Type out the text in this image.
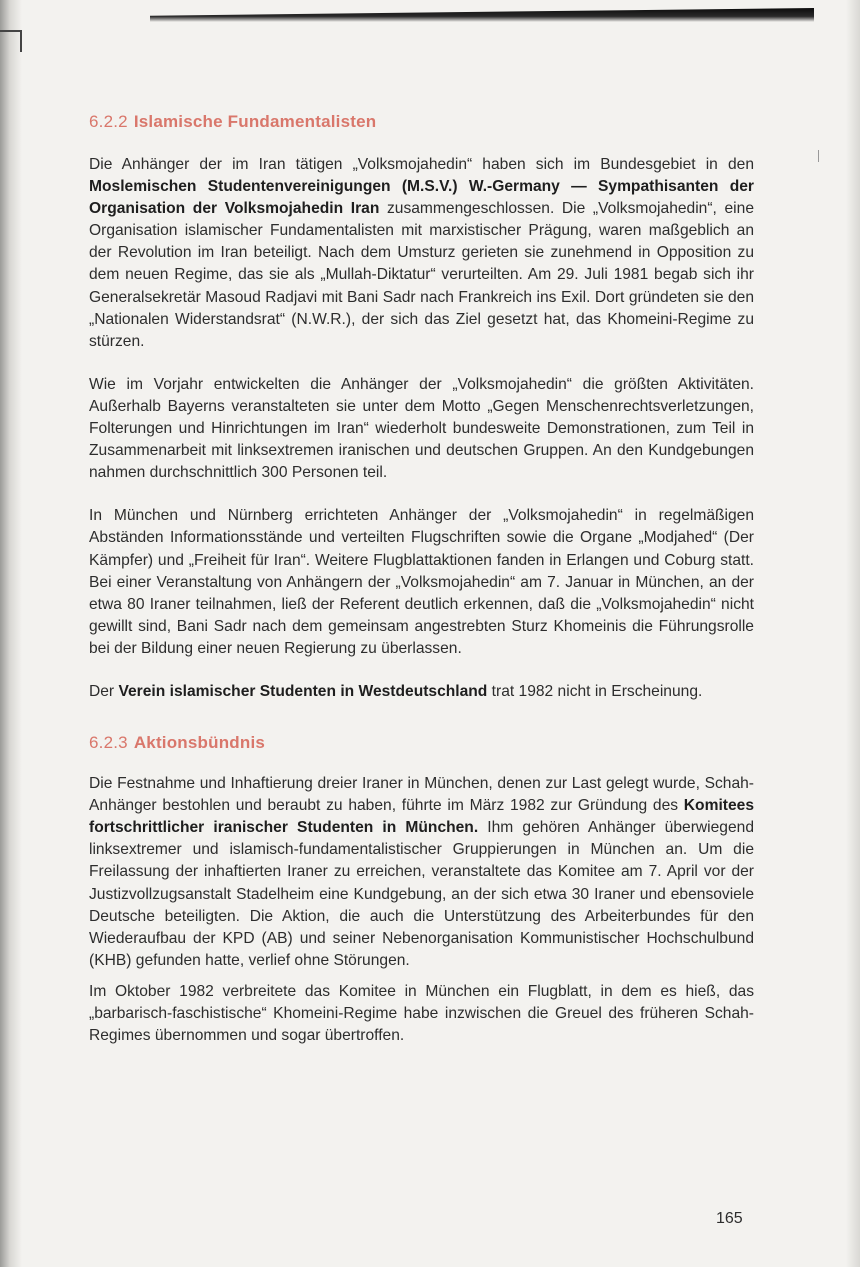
6.2.2 Islamische Fundamentalisten

Die Anhänger der im Iran tätigen „Volksmojahedin“ haben sich im Bundesgebiet in den Moslemischen Studentenvereinigungen (M.S.V.) W.-Germany — Sympathisanten der Organisation der Volksmojahedin Iran zusammengeschlossen. Die „Volksmojahedin“, eine Organisation islamischer Fundamentalisten mit marxistischer Prägung, waren maßgeblich an der Revolution im Iran beteiligt. Nach dem Umsturz gerieten sie zunehmend in Opposition zu dem neuen Regime, das sie als „Mullah-Diktatur“ verurteilten. Am 29. Juli 1981 begab sich ihr Generalsekretär Masoud Radjavi mit Bani Sadr nach Frankreich ins Exil. Dort gründeten sie den „Nationalen Widerstandsrat“ (N.W.R.), der sich das Ziel gesetzt hat, das Khomeini-Regime zu stürzen.

Wie im Vorjahr entwickelten die Anhänger der „Volksmojahedin“ die größten Aktivitäten. Außerhalb Bayerns veranstalteten sie unter dem Motto „Gegen Menschenrechtsverletzungen, Folterungen und Hinrichtungen im Iran“ wiederholt bundesweite Demonstrationen, zum Teil in Zusammenarbeit mit linksextremen iranischen und deutschen Gruppen. An den Kundgebungen nahmen durchschnittlich 300 Personen teil.

In München und Nürnberg errichteten Anhänger der „Volksmojahedin“ in regelmäßigen Abständen Informationsstände und verteilten Flugschriften sowie die Organe „Modjahed“ (Der Kämpfer) und „Freiheit für Iran“. Weitere Flugblattaktionen fanden in Erlangen und Coburg statt. Bei einer Veranstaltung von Anhängern der „Volksmojahedin“ am 7. Januar in München, an der etwa 80 Iraner teilnahmen, ließ der Referent deutlich erkennen, daß die „Volksmojahedin“ nicht gewillt sind, Bani Sadr nach dem gemeinsam angestrebten Sturz Khomeinis die Führungsrolle bei der Bildung einer neuen Regierung zu überlassen.

Der Verein islamischer Studenten in Westdeutschland trat 1982 nicht in Erscheinung.

6.2.3 Aktionsbündnis

Die Festnahme und Inhaftierung dreier Iraner in München, denen zur Last gelegt wurde, Schah-Anhänger bestohlen und beraubt zu haben, führte im März 1982 zur Gründung des Komitees fortschrittlicher iranischer Studenten in München. Ihm gehören Anhänger überwiegend linksextremer und islamisch-fundamentalistischer Gruppierungen in München an. Um die Freilassung der inhaftierten Iraner zu erreichen, veranstaltete das Komitee am 7. April vor der Justizvollzugsanstalt Stadelheim eine Kundgebung, an der sich etwa 30 Iraner und ebensoviele Deutsche beteiligten. Die Aktion, die auch die Unterstützung des Arbeiterbundes für den Wiederaufbau der KPD (AB) und seiner Nebenorganisation Kommunistischer Hochschulbund (KHB) gefunden hatte, verlief ohne Störungen.

Im Oktober 1982 verbreitete das Komitee in München ein Flugblatt, in dem es hieß, das „barbarisch-faschistische“ Khomeini-Regime habe inzwischen die Greuel des früheren Schah-Regimes übernommen und sogar übertroffen.

165
